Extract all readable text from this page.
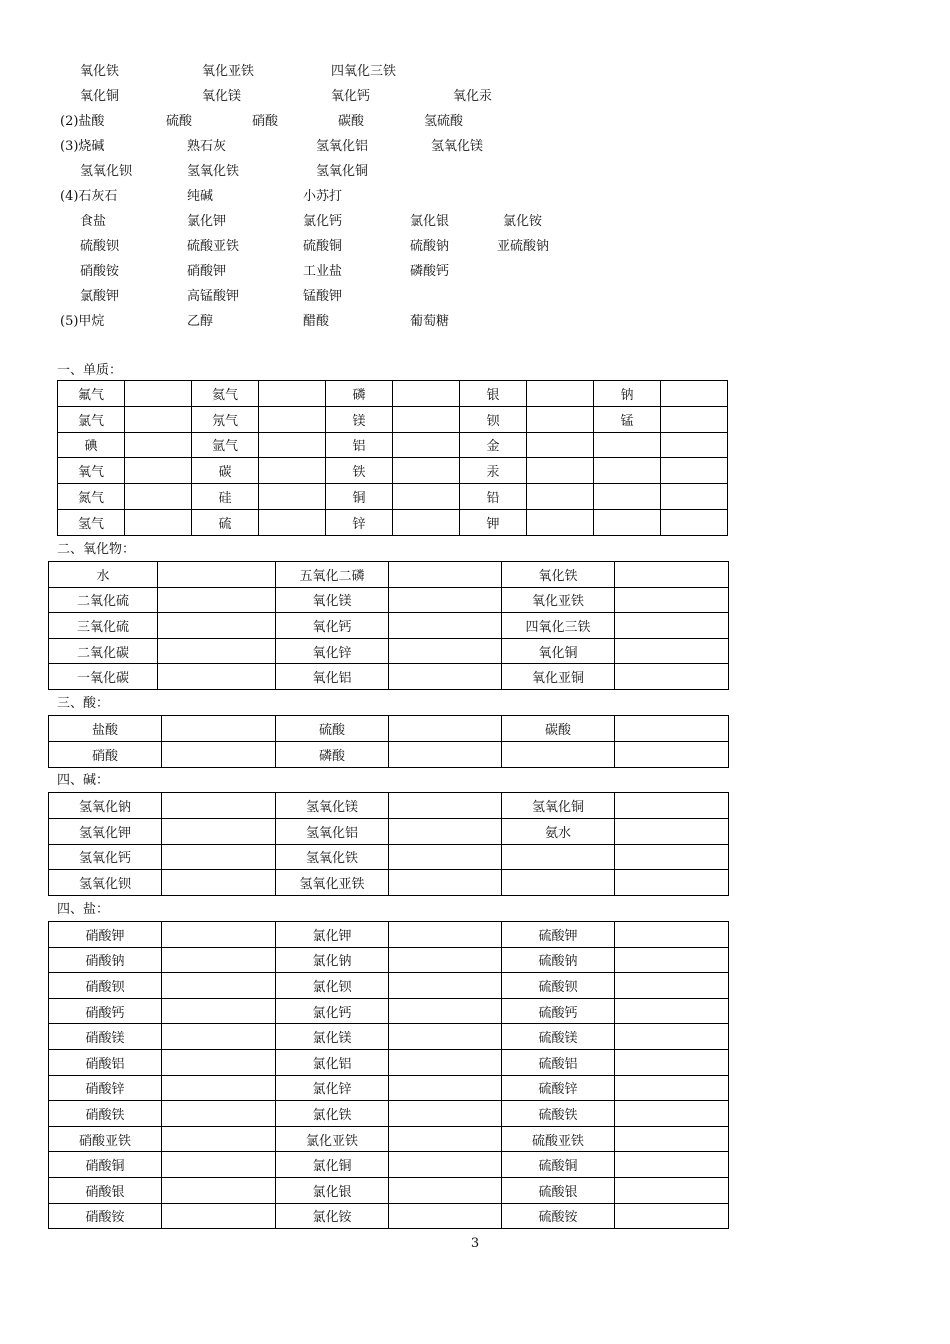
氧化铁	氧化亚铁	四氧化三铁
氧化铜	氧化镁	氧化钙	氧化汞
(2)盐酸	硫酸	硝酸	碳酸	氢硫酸
(3)烧碱	熟石灰	氢氧化铝	氢氧化镁
氢氧化钡	氢氧化铁	氢氧化铜
(4)石灰石	纯碱	小苏打
食盐	氯化钾	氯化钙	氯化银	氯化铵
硫酸钡	硫酸亚铁	硫酸铜	硫酸钠	亚硫酸钠
硝酸铵	硝酸钾	工业盐	磷酸钙
氯酸钾	高锰酸钾	锰酸钾
(5)甲烷	乙醇	醋酸	葡萄糖
一、单质：
氟气		氦气		磷		银		钠	
氯气		氖气		镁		钡		锰	
碘		氩气		铝		金			
氧气		碳		铁		汞			
氮气		硅		铜		铅			
氢气		硫		锌		钾			
二、氧化物：
水		五氧化二磷		氧化铁	
二氧化硫		氧化镁		氧化亚铁	
三氧化硫		氧化钙		四氧化三铁	
二氧化碳		氧化锌		氧化铜	
一氧化碳		氧化铝		氧化亚铜	
三、酸：
盐酸		硫酸		碳酸	
硝酸		磷酸			
四、碱：
氢氧化钠		氢氧化镁		氢氧化铜	
氢氧化钾		氢氧化铝		氨水	
氢氧化钙		氢氧化铁			
氢氧化钡		氢氧化亚铁			
四、盐：
硝酸钾		氯化钾		硫酸钾	
硝酸钠		氯化钠		硫酸钠	
硝酸钡		氯化钡		硫酸钡	
硝酸钙		氯化钙		硫酸钙	
硝酸镁		氯化镁		硫酸镁	
硝酸铝		氯化铝		硫酸铝	
硝酸锌		氯化锌		硫酸锌	
硝酸铁		氯化铁		硫酸铁	
硝酸亚铁		氯化亚铁		硫酸亚铁	
硝酸铜		氯化铜		硫酸铜	
硝酸银		氯化银		硫酸银	
硝酸铵		氯化铵		硫酸铵	
3
